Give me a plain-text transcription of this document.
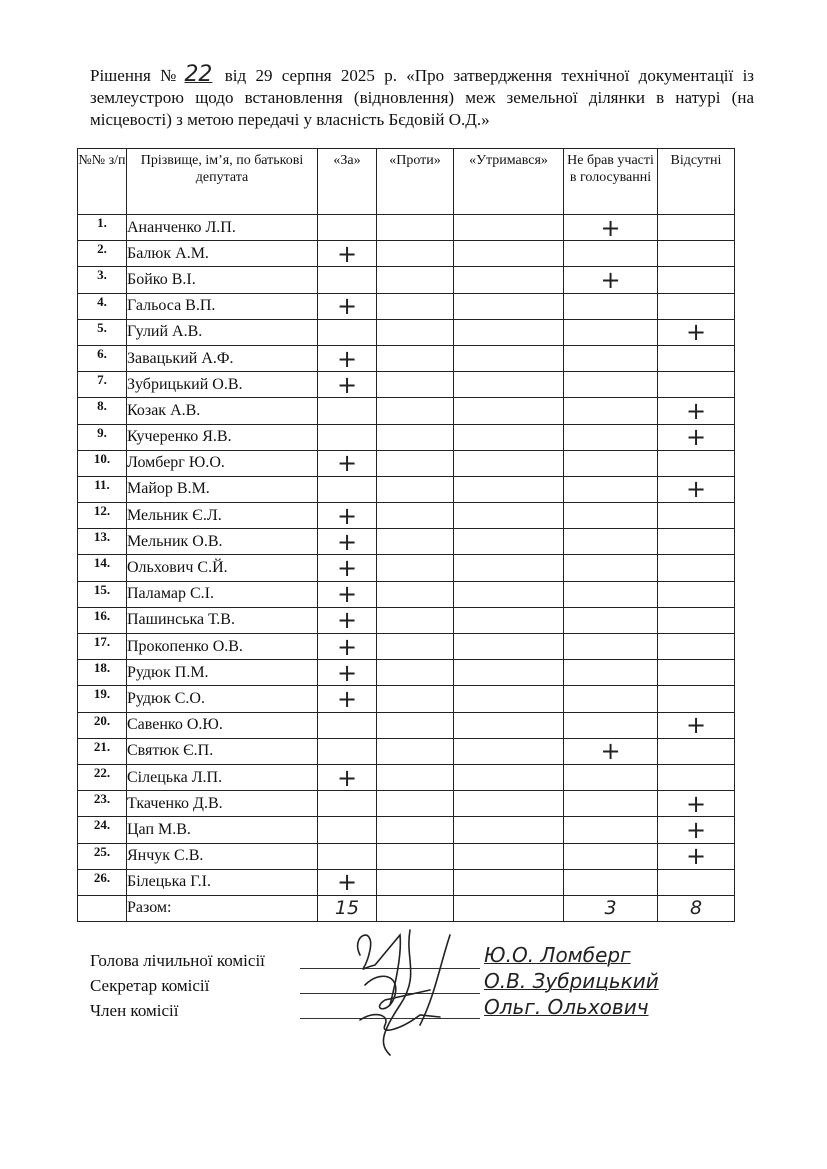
Рішення № 22 від 29 серпня 2025 р. «Про затвердження технічної документації із землеустрою щодо встановлення (відновлення) меж земельної ділянки в натурі (на місцевості) з метою передачі у власність Бєдовій О.Д.»
№№ з/п	Прізвище, ім’я, по батькові депутата	«За»	«Проти»	«Утримався»	Не брав участі в голосуванні	Відсутні
1.	Ананченко Л.П.				+	
2.	Балюк А.М.	+				
3.	Бойко В.І.				+	
4.	Гальоса В.П.	+				
5.	Гулий А.В.					+
6.	Завацький А.Ф.	+				
7.	Зубрицький О.В.	+				
8.	Козак А.В.					+
9.	Кучеренко Я.В.					+
10.	Ломберг Ю.О.	+				
11.	Майор В.М.					+
12.	Мельник Є.Л.	+				
13.	Мельник О.В.	+				
14.	Ольхович С.Й.	+				
15.	Паламар С.І.	+				
16.	Пашинська Т.В.	+				
17.	Прокопенко О.В.	+				
18.	Рудюк П.М.	+				
19.	Рудюк С.О.	+				
20.	Савенко О.Ю.					+
21.	Святюк Є.П.				+	
22.	Сілецька Л.П.	+				
23.	Ткаченко Д.В.					+
24.	Цап М.В.					+
25.	Янчук С.В.					+
26.	Білецька Г.І.	+				
	Разом:	15			3	8
Голова лічильної комісії
Секретар комісії
Член комісії
Ю.О. Ломберг
О.В. Зубрицький
Ольг. Ольхович
